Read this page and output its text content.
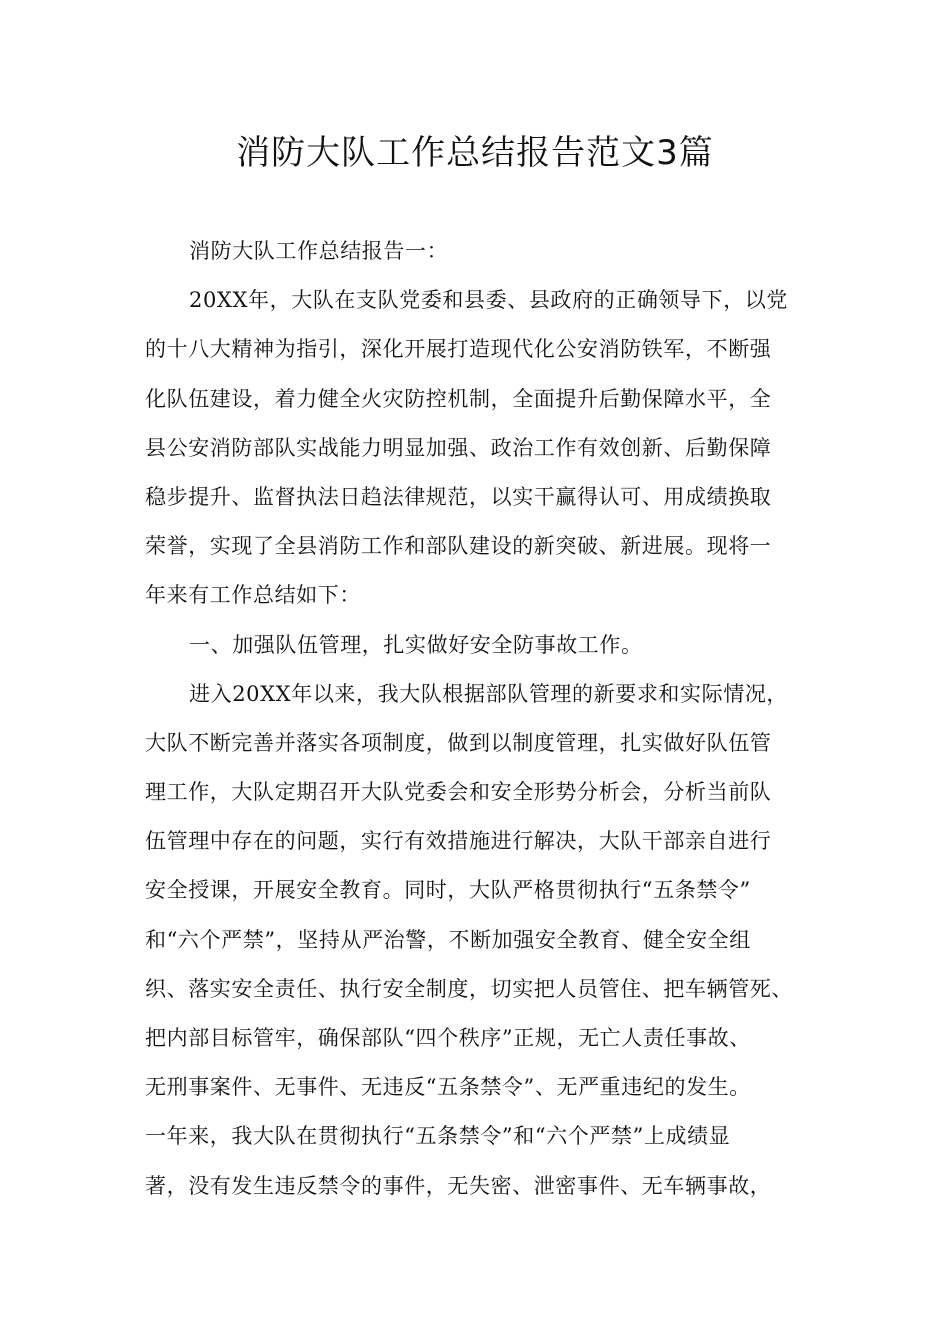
消防大队工作总结报告范文3篇
消防大队工作总结报告一：
20XX年，大队在支队党委和县委、县政府的正确领导下，以党
的十八大精神为指引，深化开展打造现代化公安消防铁军，不断强
化队伍建设，着力健全火灾防控机制，全面提升后勤保障水平，全
县公安消防部队实战能力明显加强、政治工作有效创新、后勤保障
稳步提升、监督执法日趋法律规范，以实干赢得认可、用成绩换取
荣誉，实现了全县消防工作和部队建设的新突破、新进展。现将一
年来有工作总结如下：
一、加强队伍管理，扎实做好安全防事故工作。
进入20XX年以来，我大队根据部队管理的新要求和实际情况，
大队不断完善并落实各项制度，做到以制度管理，扎实做好队伍管
理工作，大队定期召开大队党委会和安全形势分析会，分析当前队
伍管理中存在的问题，实行有效措施进行解决，大队干部亲自进行
安全授课，开展安全教育。同时，大队严格贯彻执行“五条禁令”
和“六个严禁”，坚持从严治警，不断加强安全教育、健全安全组
织、落实安全责任、执行安全制度，切实把人员管住、把车辆管死、
把内部目标管牢，确保部队“四个秩序”正规，无亡人责任事故、
无刑事案件、无事件、无违反“五条禁令”、无严重违纪的发生。
一年来，我大队在贯彻执行“五条禁令”和“六个严禁”上成绩显
著，没有发生违反禁令的事件，无失密、泄密事件、无车辆事故，
